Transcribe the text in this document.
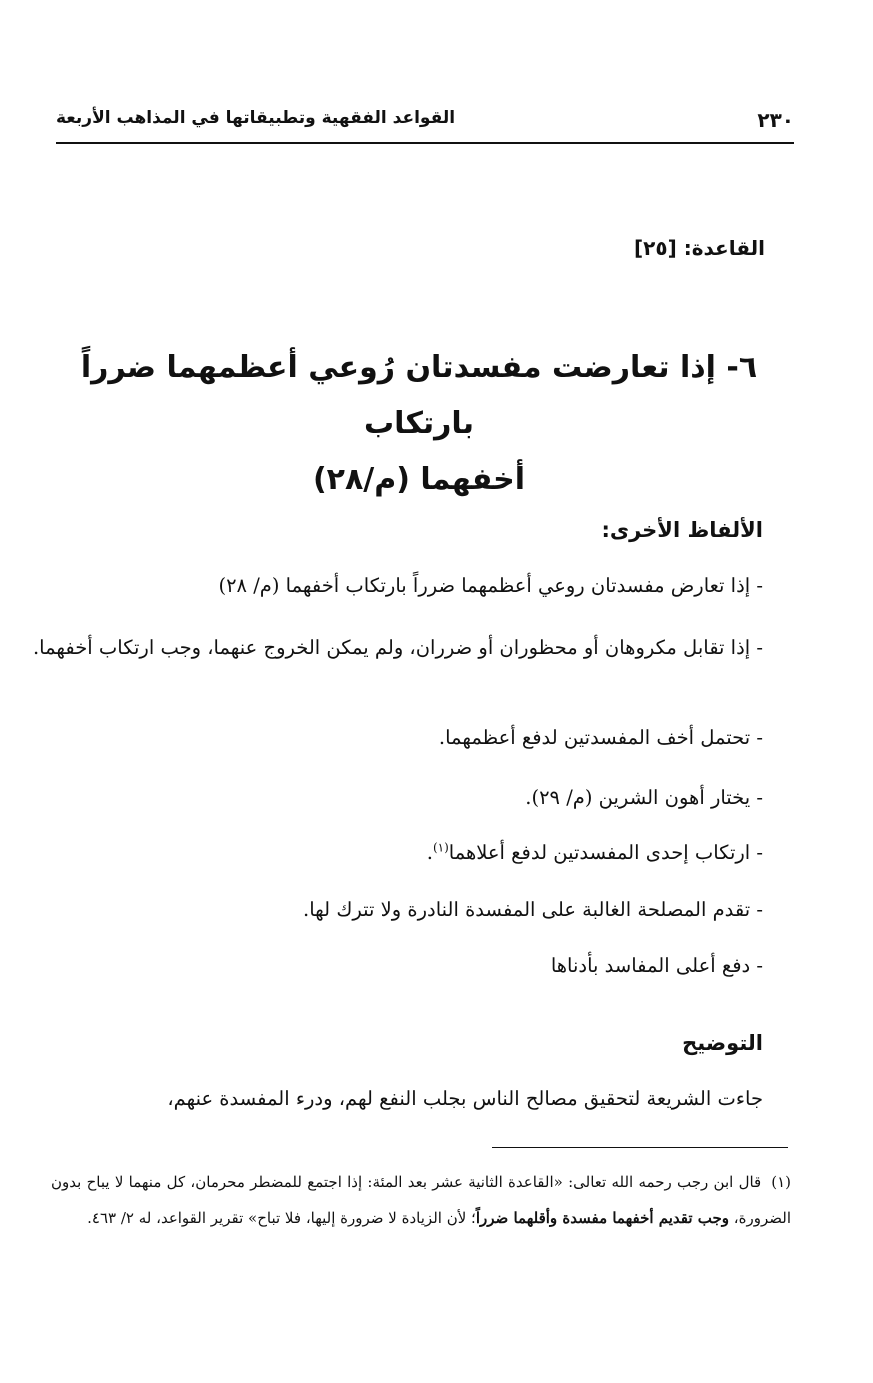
٢٣٠
القواعد الفقهية وتطبيقاتها في المذاهب الأربعة
القاعدة: [٢٥]
٦- إذا تعارضت مفسدتان رُوعي أعظمهما ضرراً بارتكاب
أخفهما (م/٢٨)
الألفاظ الأخرى:
- إذا تعارض مفسدتان روعي أعظمهما ضرراً بارتكاب أخفهما (م/ ٢٨)
- إذا تقابل مكروهان أو محظوران أو ضرران، ولم يمكن الخروج عنهما، وجب ارتكاب أخفهما.
- تحتمل أخف المفسدتين لدفع أعظمهما.
- يختار أهون الشرين (م/ ٢٩).
- ارتكاب إحدى المفسدتين لدفع أعلاهما$^{(١)}$.
- تقدم المصلحة الغالبة على المفسدة النادرة ولا تترك لها.
- دفع أعلى المفاسد بأدناها
التوضيح
جاءت الشريعة لتحقيق مصالح الناس بجلب النفع لهم، ودرء المفسدة عنهم،
(١)قال ابن رجب رحمه الله تعالى: «القاعدة الثانية عشر بعد المئة: إذا اجتمع للمضطر محرمان، كل منهما لا يباح بدون الضرورة، وجب تقديم أخفهما مفسدة وأقلهما ضرراً؛ لأن الزيادة لا ضرورة إليها، فلا تباح» تقرير القواعد، له ٢/ ٤٦٣.
